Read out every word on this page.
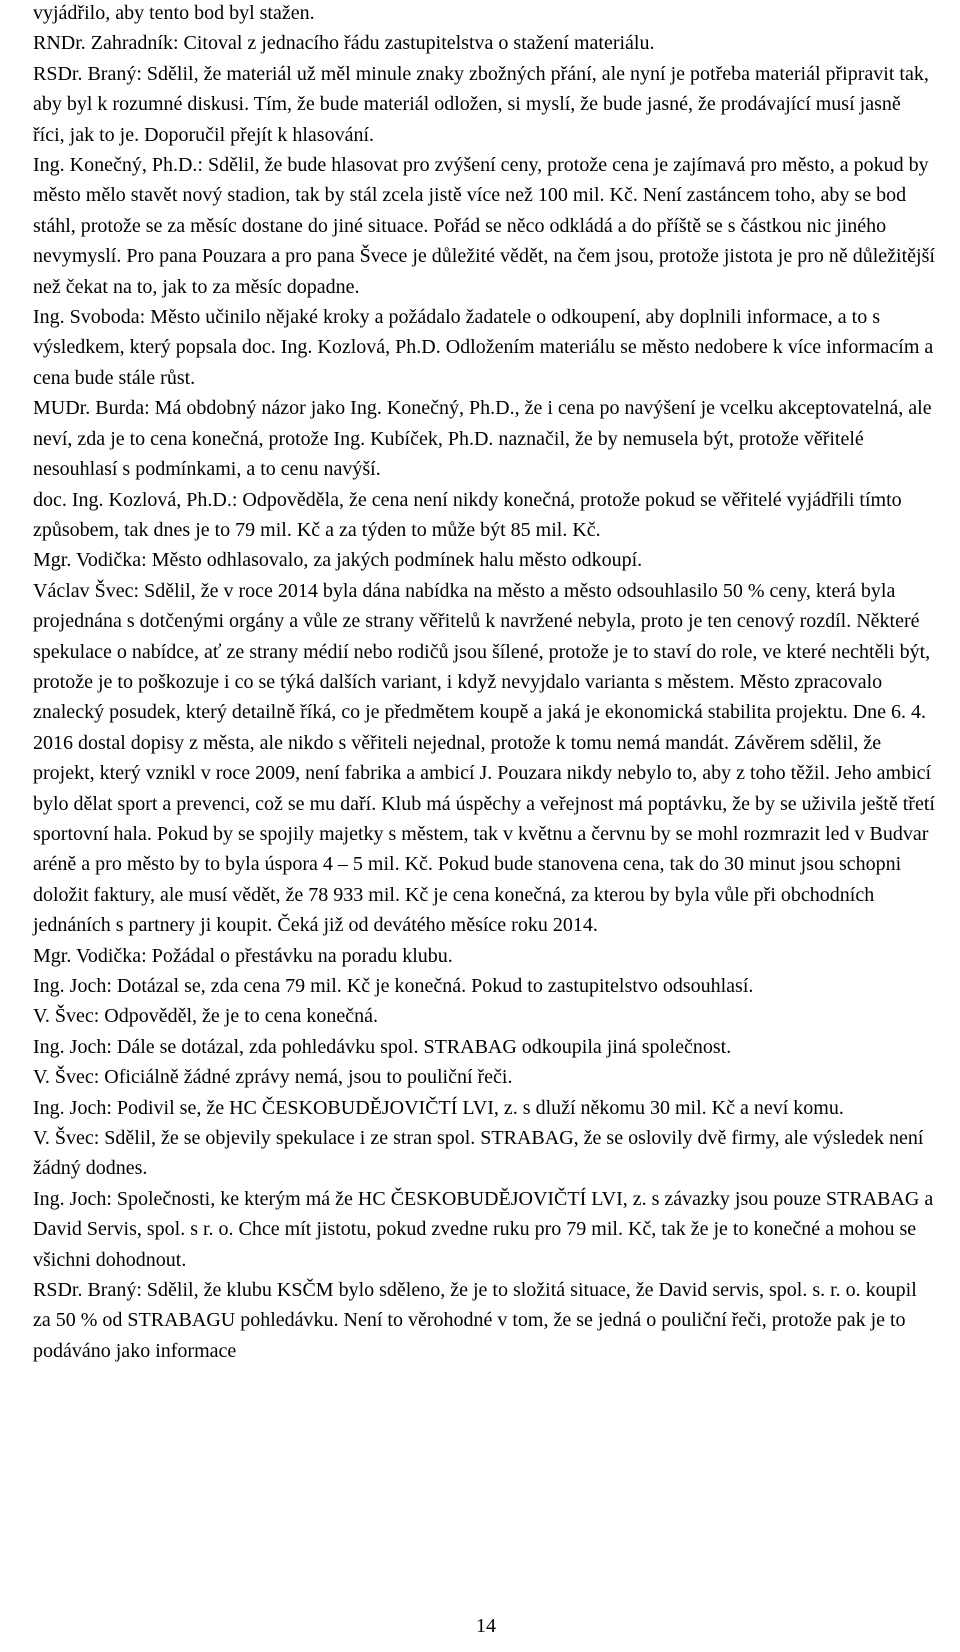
vyjádřilo, aby tento bod byl stažen.

RNDr. Zahradník: Citoval z jednacího řádu zastupitelstva o stažení materiálu.

RSDr. Braný: Sdělil, že materiál už měl minule znaky zbožných přání, ale nyní je potřeba materiál připravit tak, aby byl k rozumné diskusi. Tím, že bude materiál odložen, si myslí, že bude jasné, že prodávající musí jasně říci, jak to je. Doporučil přejít k hlasování.

Ing. Konečný, Ph.D.: Sdělil, že bude hlasovat pro zvýšení ceny, protože cena je zajímavá pro město, a pokud by město mělo stavět nový stadion, tak by stál zcela jistě více než 100 mil. Kč. Není zastáncem toho, aby se bod stáhl, protože se za měsíc dostane do jiné situace. Pořád se něco odkládá a do příště se s částkou nic jiného nevymyslí. Pro pana Pouzara a pro pana Švece je důležité vědět, na čem jsou, protože jistota je pro ně důležitější než čekat na to, jak to za měsíc dopadne.

Ing. Svoboda: Město učinilo nějaké kroky a požádalo žadatele o odkoupení, aby doplnili informace, a to s výsledkem, který popsala doc. Ing. Kozlová, Ph.D. Odložením materiálu se město nedobere k více informacím a cena bude stále růst.

MUDr. Burda: Má obdobný názor jako Ing. Konečný, Ph.D., že i cena po navýšení je vcelku akceptovatelná, ale neví, zda je to cena konečná, protože Ing. Kubíček, Ph.D. naznačil, že by nemusela být, protože věřitelé nesouhlasí s podmínkami, a to cenu navýší.

doc. Ing. Kozlová, Ph.D.: Odpověděla, že cena není nikdy konečná, protože pokud se věřitelé vyjádřili tímto způsobem, tak dnes je to 79 mil. Kč a za týden to může být 85 mil. Kč.

Mgr. Vodička: Město odhlasovalo, za jakých podmínek halu město odkoupí.

Václav Švec: Sdělil, že v roce 2014 byla dána nabídka na město a město odsouhlasilo 50 % ceny, která byla projednána s dotčenými orgány a vůle ze strany věřitelů k navržené nebyla, proto je ten cenový rozdíl. Některé spekulace o nabídce, ať ze strany médií nebo rodičů jsou šílené, protože je to staví do role, ve které nechtěli být, protože je to poškozuje i co se týká dalších variant, i když nevyjdalo varianta s městem. Město zpracovalo znalecký posudek, který detailně říká, co je předmětem koupě a jaká je ekonomická stabilita projektu. Dne 6. 4. 2016 dostal dopisy z města, ale nikdo s věřiteli nejednal, protože k tomu nemá mandát. Závěrem sdělil, že projekt, který vznikl v roce 2009, není fabrika a ambicí J. Pouzara nikdy nebylo to, aby z toho těžil. Jeho ambicí bylo dělat sport a prevenci, což se mu daří. Klub má úspěchy a veřejnost má poptávku, že by se uživila ještě třetí sportovní hala. Pokud by se spojily majetky s městem, tak v květnu a červnu by se mohl rozmrazit led v Budvar aréně a pro město by to byla úspora 4 – 5 mil. Kč. Pokud bude stanovena cena, tak do 30 minut jsou schopni doložit faktury, ale musí vědět, že 78 933 mil. Kč je cena konečná, za kterou by byla vůle při obchodních jednáních s partnery ji koupit. Čeká již od devátého měsíce roku 2014.

Mgr. Vodička: Požádal o přestávku na poradu klubu.

Ing. Joch: Dotázal se, zda cena 79 mil. Kč je konečná. Pokud to zastupitelstvo odsouhlasí.

V. Švec: Odpověděl, že je to cena konečná.

Ing. Joch: Dále se dotázal, zda pohledávku spol. STRABAG odkoupila jiná společnost.

V. Švec: Oficiálně žádné zprávy nemá, jsou to pouliční řeči.

Ing. Joch: Podivil se, že HC ČESKOBUDĚJOVIČTÍ LVI, z. s dluží někomu 30 mil. Kč a neví komu.

V. Švec: Sdělil, že se objevily spekulace i ze stran spol. STRABAG, že se oslovily dvě firmy, ale výsledek není žádný dodnes.

Ing. Joch: Společnosti, ke kterým má že HC ČESKOBUDĚJOVIČTÍ LVI, z. s závazky jsou pouze STRABAG a David Servis, spol. s r. o. Chce mít jistotu, pokud zvedne ruku pro 79 mil. Kč, tak že je to konečné a mohou se všichni dohodnout.

RSDr. Braný: Sdělil, že klubu KSČM bylo sděleno, že je to složitá situace, že David servis, spol. s. r. o. koupil za 50 % od STRABAGU pohledávku. Není to věrohodné v tom, že se jedná o pouliční řeči, protože pak je to podáváno jako informace

14
